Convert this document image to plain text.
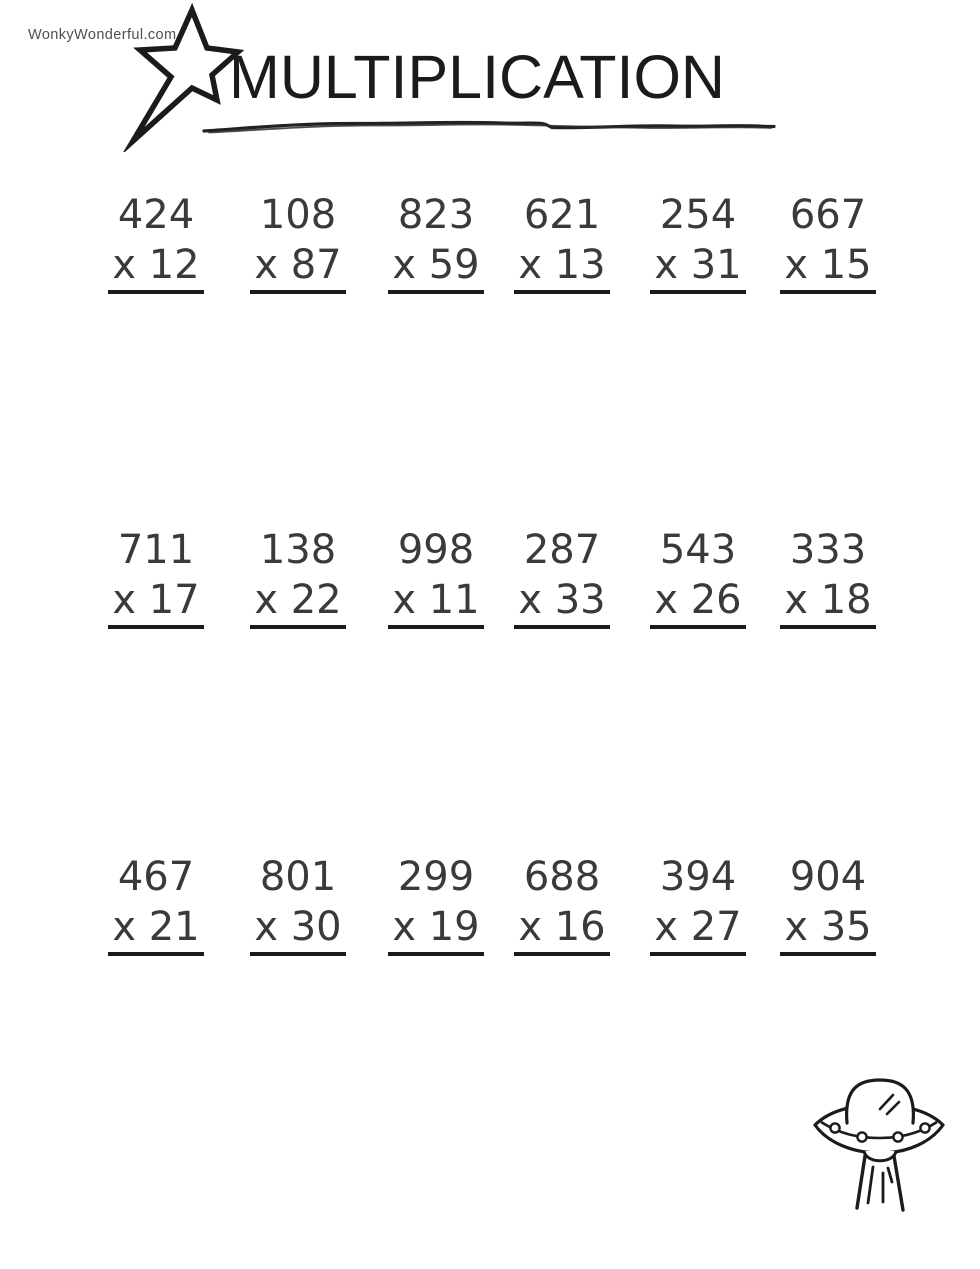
WonkyWonderful.com
MULTIPLICATION
424
x 12
108
x 87
823
x 59
621
x 13
254
x 31
667
x 15
711
x 17
138
x 22
998
x 11
287
x 33
543
x 26
333
x 18
467
x 21
801
x 30
299
x 19
688
x 16
394
x 27
904
x 35
